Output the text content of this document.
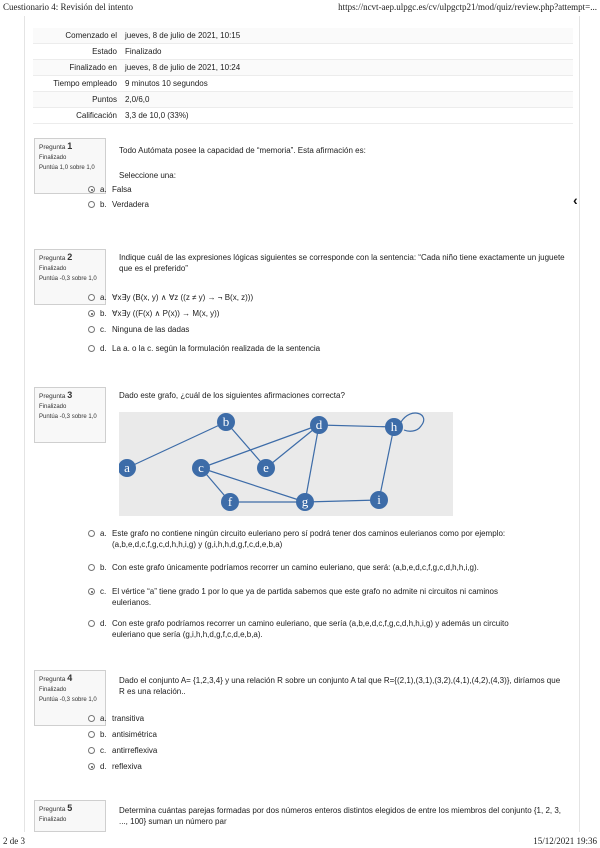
Cuestionario 4: Revisión del intento	https://ncvt-aep.ulpgc.es/cv/ulpgctp21/mod/quiz/review.php?attempt=...
‹
Comenzado el	jueves, 8 de julio de 2021, 10:15
Estado	Finalizado
Finalizado en	jueves, 8 de julio de 2021, 10:24
Tiempo empleado	9 minutos 10 segundos
Puntos	2,0/6,0
Calificación	3,3 de 10,0 (33%)
Pregunta 1
Finalizado
Puntúa 1,0 sobre 1,0

Todo Autómata posee la capacidad de “memoria”. Esta afirmación es:

Seleccione una:

a. Falsa
b. Verdadera
Pregunta 2
Finalizado
Puntúa -0,3 sobre 1,0

Indique cuál de las expresiones lógicas siguientes se corresponde con la sentencia: “Cada niño tiene exactamente un juguete que es el preferido”

a. ∀x∃y (B(x, y) ∧ ∀z ((z ≠ y) → ¬ B(x, z)))
b. ∀x∃y ((F(x) ∧ P(x)) → M(x, y))
c. Ninguna de las dadas
d. La a. o la c. según la formulación realizada de la sentencia
Pregunta 3
Finalizado
Puntúa -0,3 sobre 1,0

Dado este grafo, ¿cuál de los siguientes afirmaciones correcta?

a
b
c	e
f	g
d	h
i
a. Este grafo no contiene ningún circuito euleriano pero sí podrá tener dos caminos eulerianos como por ejemplo: (a,b,e,d,c,f,g,c,d,h,h,i,g) y (g,i,h,h,d,g,f,c,d,e,b,a)
b. Con este grafo únicamente podríamos recorrer un camino euleriano, que será: (a,b,e,d,c,f,g,c,d,h,h,i,g).
c. El vértice “a” tiene grado 1 por lo que ya de partida sabemos que este grafo no admite ni circuitos ni caminos eulerianos.
d. Con este grafo podríamos recorrer un camino euleriano, que sería (a,b,e,d,c,f,g,c,d,h,h,i,g) y además un circuito euleriano que sería (g,i,h,h,d,g,f,c,d,e,b,a).
Pregunta 4
Finalizado
Puntúa -0,3 sobre 1,0

Dado el conjunto A= {1,2,3,4} y una relación R sobre un conjunto A tal que R={(2,1),(3,1),(3,2),(4,1),(4,2),(4,3)}, diríamos que R es una relación..

a. transitiva
b. antisimétrica
c. antirreflexiva
d. reflexiva
Pregunta 5
Finalizado

Determina cuántas parejas formadas por dos números enteros distintos elegidos de entre los miembros del conjunto {1, 2, 3, ..., 100} suman un número par

2 de 3	15/12/2021 19:36
